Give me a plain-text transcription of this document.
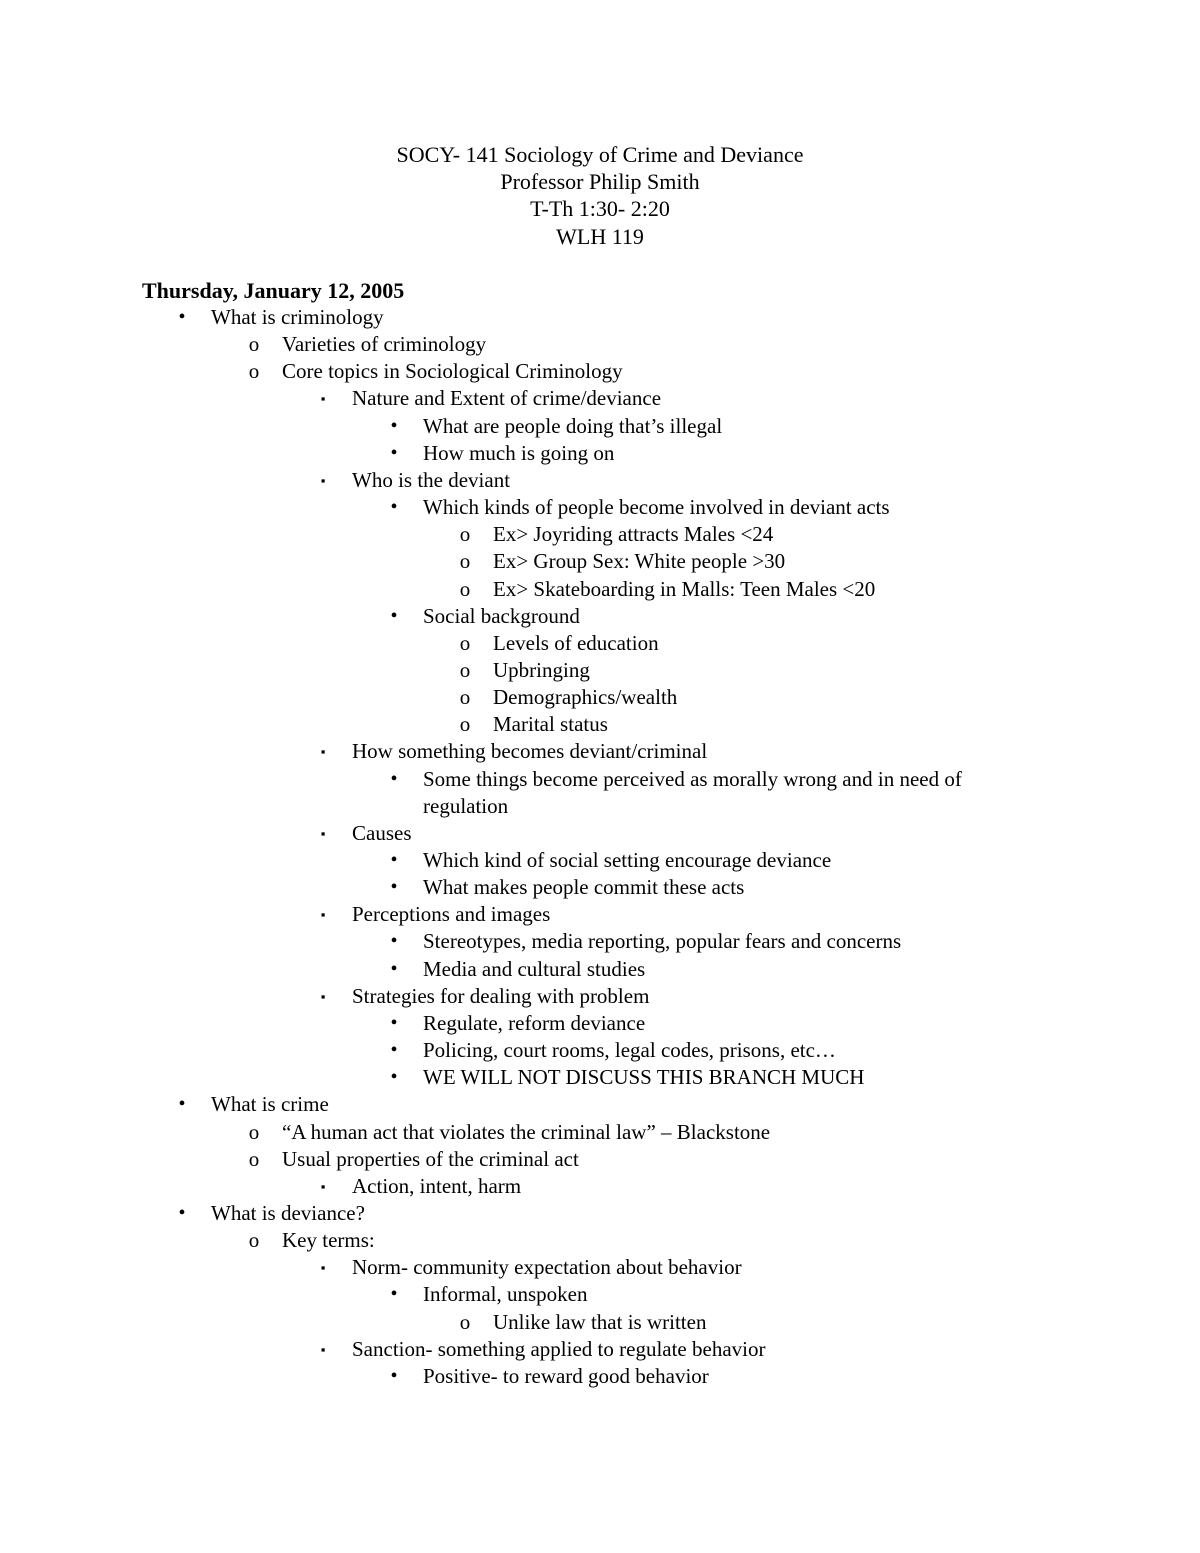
SOCY- 141 Sociology of Crime and Deviance
Professor Philip Smith
T-Th 1:30- 2:20
WLH 119
Thursday, January 12, 2005
•	What is criminology
o Varieties of criminology
o Core topics in Sociological Criminology
▪	Nature and Extent of crime/deviance
•	What are people doing that’s illegal
•	How much is going on
▪	Who is the deviant
•	Which kinds of people become involved in deviant acts
o Ex> Joyriding attracts Males <24
o Ex> Group Sex: White people >30
o Ex> Skateboarding in Malls: Teen Males <20
•	Social background
o Levels of education
o Upbringing
o Demographics/wealth
o Marital status
▪	How something becomes deviant/criminal
•	Some things become perceived as morally wrong and in need of
regulation
▪	Causes
•	Which kind of social setting encourage deviance
•	What makes people commit these acts
▪	Perceptions and images
•	Stereotypes, media reporting, popular fears and concerns
•	Media and cultural studies
▪	Strategies for dealing with problem
•	Regulate, reform deviance
•	Policing, court rooms, legal codes, prisons, etc…
•	WE WILL NOT DISCUSS THIS BRANCH MUCH
•	What is crime
o “A human act that violates the criminal law” – Blackstone
o Usual properties of the criminal act
▪	Action, intent, harm
•	What is deviance?
o Key terms:
▪	Norm- community expectation about behavior
•	Informal, unspoken
o Unlike law that is written
▪	Sanction- something applied to regulate behavior
•	Positive- to reward good behavior
